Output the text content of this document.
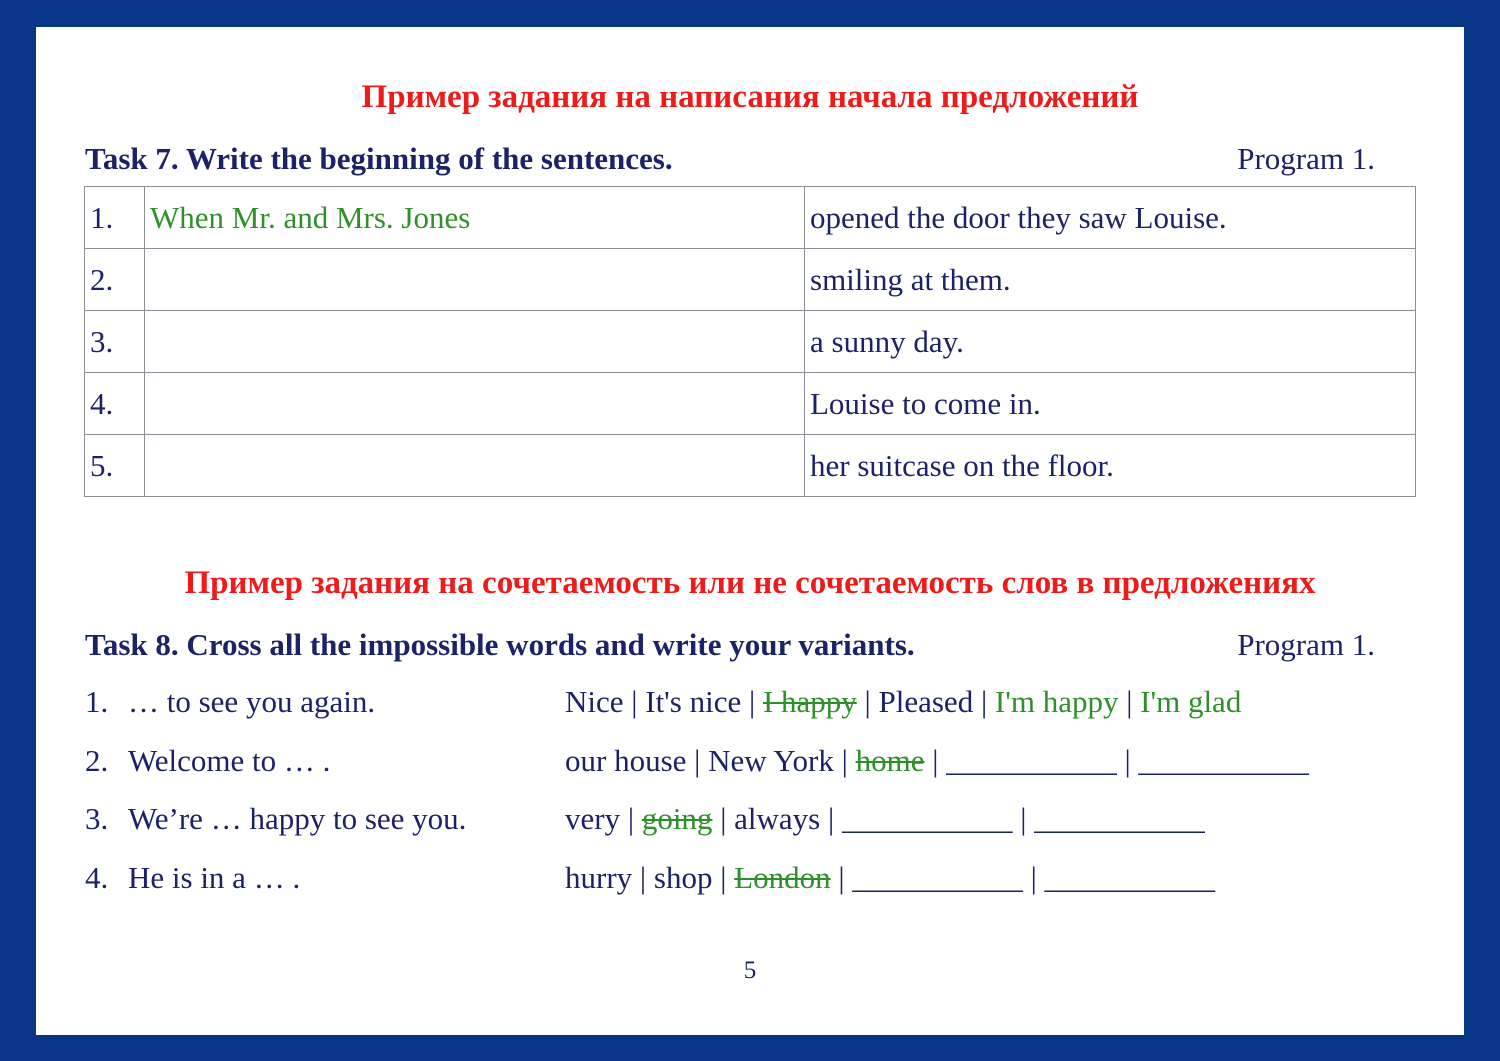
Пример задания на написания начала предложений
Task 7. Write the beginning of the sentences.	Program 1.
1.	When Mr. and Mrs. Jones	opened the door they saw Louise.
2.		smiling at them.
3.		a sunny day.
4.		Louise to come in.
5.		her suitcase on the floor.
Пример задания на сочетаемость или не сочетаемость слов в предложениях
Task 8. Cross all the impossible words and write your variants.	Program 1.
1. … to see you again.	Nice | It's nice | I happy | Pleased | I'm happy | I'm glad
2. Welcome to … .	our house | New York | home | ___________ | ___________
3. We’re … happy to see you.	very | going | always | ___________ | ___________
4. He is in a … .	hurry | shop | London | ___________ | ___________
5
